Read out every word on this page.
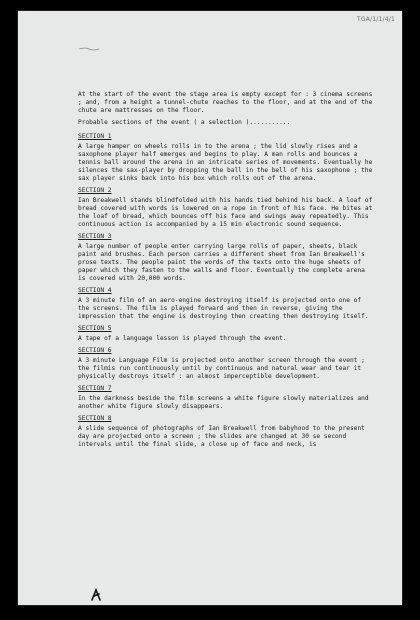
TGA/1/1/4/1

At the start of the event the stage area is empty except for : 3 cinema screens ; and, from a height a tunnel-chute reaches to the floor, and at the end of the chute are mattresses on the floor.

Probable sections of the event ( a selection )...........

SECTION 1

A large hamper on wheels rolls in to the arena ; the lid slowly rises and a saxophone player half emerges and begins to play. A man rolls and bounces a tennis ball around the arena in an intricate series of movements. Eventually he silences the sax-player by dropping the ball in the bell of his saxophone ; the sax player sinks back into his box which rolls out of the arena.

SECTION 2

Ian Breakwell stands blindfolded with his hands tied behind his back. A loaf of bread covered with words is lowered on a rope in front of his face. He bites at the loaf of bread, which bounces off his face and swings away repeatedly. This continuous action is accompanied by a 15 min electronic sound sequence.

SECTION 3

A large number of people enter carrying large rolls of paper, sheets, black paint and brushes. Each person carries a different sheet from Ian Breakwell's prose texts. The people paint the words of the texts onto the huge sheets of paper which they fasten to the walls and floor. Eventually the complete arena is covered with 20,000 words.

SECTION 4

A 3 minute film of an aero-engine destroying itself is projected onto one of the screens. The film is played forward and then in reverse, giving the impression that the engine is destroying then creating then destroying itself.

SECTION 5

A tape of a language lesson is played through the event.

SECTION 6

A 3 minute Language Film is projected onto another screen through the event ; the filmis run continuously until by continuous and natural wear and tear it physically destroys itself : an almost imperceptible development.

SECTION 7

In the darkness beside the film screens a white figure slowly materializes and another white figure slowly disappears.

SECTION 8

A slide sequence of photographs of Ian Breakwell from babyhood to the present day are projected onto a screen ; the slides are changed at 30 se second intervals until the final slide, a close up of face and neck, is
